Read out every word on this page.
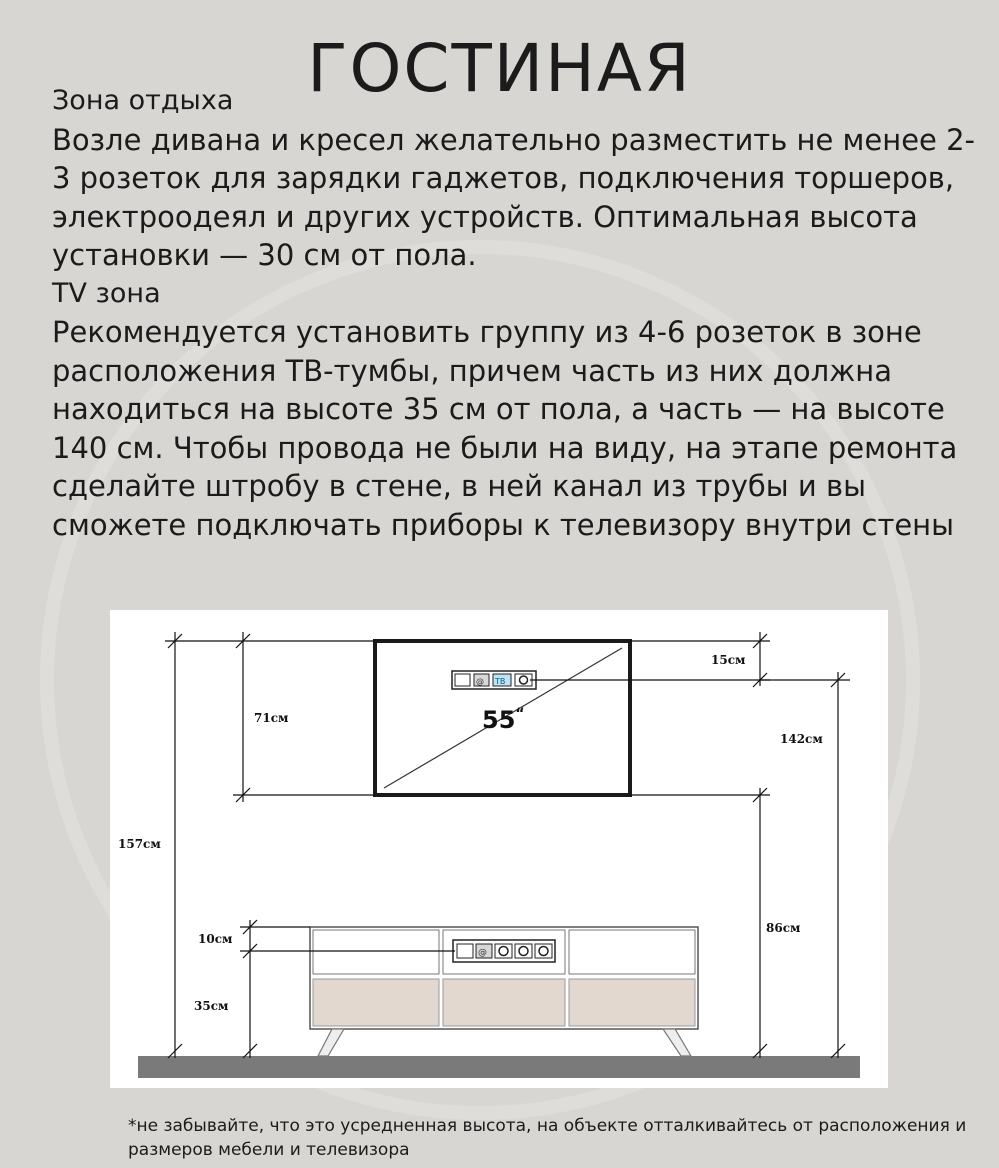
ГОСТИНАЯ

Зона отдыха

Возле дивана и кресел желательно разместить не менее 2-3 розеток для зарядки гаджетов, подключения торшеров, электроодеял и других устройств. Оптимальная высота установки — 30 см от пола.

TV зона

Рекомендуется установить группу из 4-6 розеток в зоне расположения ТВ-тумбы, причем часть из них должна находиться на высоте 35 см от пола, а часть — на высоте 140 см. Чтобы провода не были на виду, на этапе ремонта сделайте штробу в стене, в ней канал из трубы и вы сможете подключать приборы к телевизору внутри стены

55“
@ ТВ
@
71см
157см
15см
142см
86см
10см
35см
*не забывайте, что это усредненная высота, на объекте отталкивайтесь от расположения и размеров мебели и телевизора
